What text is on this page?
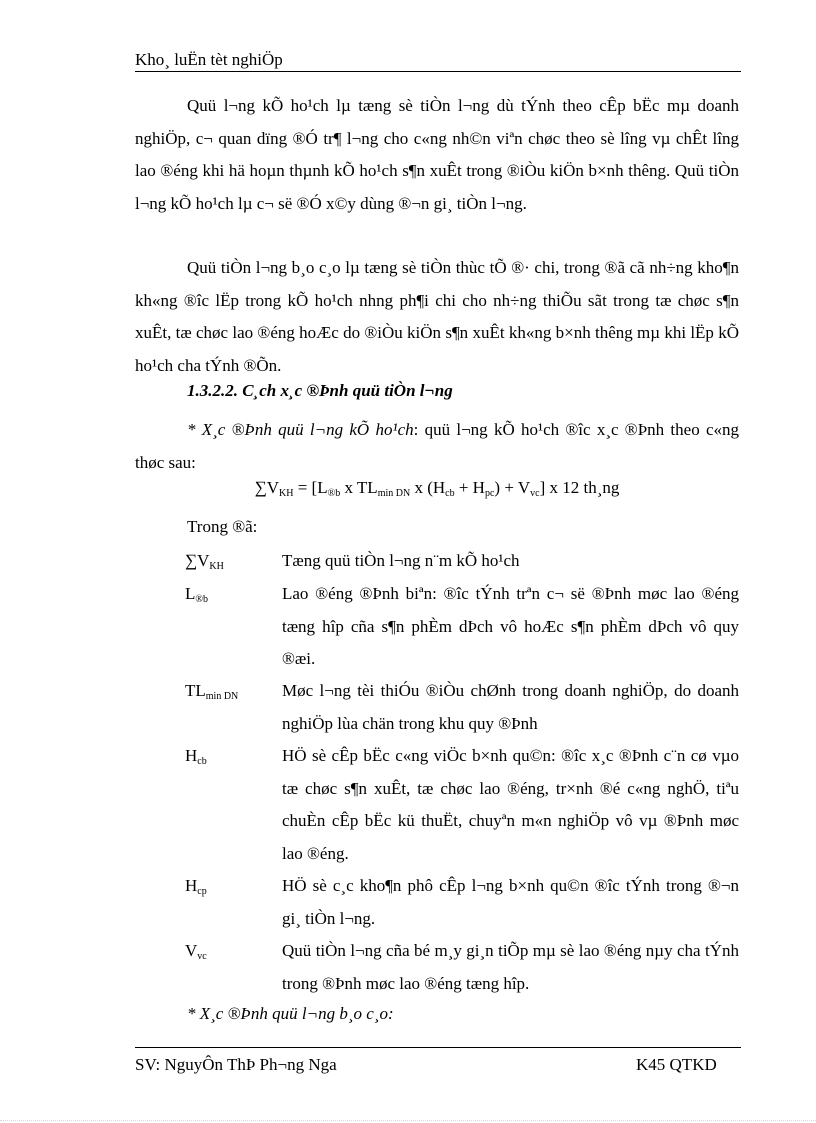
Kho¸ luËn tèt nghiÖp
Quü l¬ng kÕ ho¹ch lµ tæng sè tiÒn l¬ng dù tÝnh theo cÊp bËc mµ doanh nghiÖp, c¬ quan dïng ®Ó tr¶ l¬ng cho c«ng nh©n viªn chøc theo sè lîng vµ chÊt lîng lao ®éng khi hä hoµn thµnh kÕ ho¹ch s¶n xuÊt trong ®iÒu kiÖn b×nh thêng. Quü tiÒn l¬ng kÕ ho¹ch lµ c¬ së ®Ó x©y dùng ®¬n gi¸ tiÒn l¬ng.
Quü tiÒn l¬ng b¸o c¸o lµ tæng sè tiÒn thùc tÕ ®· chi, trong ®ã cã nh÷ng kho¶n kh«ng ®îc lËp trong kÕ ho¹ch nhng ph¶i chi cho nh÷ng thiÕu sãt trong tæ chøc s¶n xuÊt, tæ chøc lao ®éng hoÆc do ®iÒu kiÖn s¶n xuÊt kh«ng b×nh thêng mµ khi lËp kÕ ho¹ch cha tÝnh ®Õn.
1.3.2.2. C¸ch x¸c ®Þnh quü tiÒn l¬ng
* X¸c ®Þnh quü l¬ng kÕ ho¹ch: quü l¬ng kÕ ho¹ch ®îc x¸c ®Þnh theo c«ng thøc sau:
$\sum V_{KH} = [L_{®b}$ x $TL_{min DN}$ x $(H_{cb} + H_{pc}) + V_{vc}$] x 12 th¸ng
Trong ®ã:
$\sum V_{KH}$	Tæng quü tiÒn l¬ng n¨m kÕ ho¹ch
$L_{®b}$	Lao ®éng ®Þnh biªn: ®îc tÝnh trªn c¬ së ®Þnh møc lao ®éng tæng hîp cña s¶n phÈm dÞch vô hoÆc s¶n phÈm dÞch vô quy ®æi.
$TL_{min DN}$	Møc l¬ng tèi thiÓu ®iÒu chØnh trong doanh nghiÖp, do doanh nghiÖp lùa chän trong khu quy ®Þnh
$H_{cb}$	HÖ sè cÊp bËc c«ng viÖc b×nh qu©n: ®îc x¸c ®Þnh c¨n cø vµo tæ chøc s¶n xuÊt, tæ chøc lao ®éng, tr×nh ®é c«ng nghÖ, tiªu chuÈn cÊp bËc kü thuËt, chuyªn m«n nghiÖp vô vµ ®Þnh møc lao ®éng.
$H_{cp}$	HÖ sè c¸c kho¶n phô cÊp l¬ng b×nh qu©n ®îc tÝnh trong ®¬n gi¸ tiÒn l¬ng.
$V_{vc}$	Quü tiÒn l¬ng cña bé m¸y gi¸n tiÕp mµ sè lao ®éng nµy cha tÝnh trong ®Þnh møc lao ®éng tæng hîp.
* X¸c ®Þnh quü l¬ng b¸o c¸o:
SV: NguyÔn ThÞ Ph¬ng Nga	K45 QTKD
